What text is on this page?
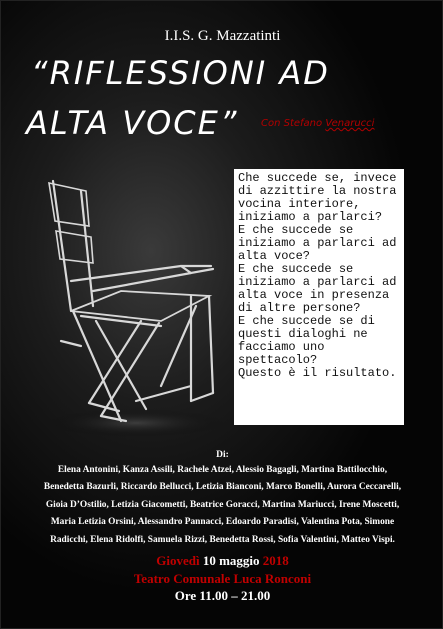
I.I.S. G. Mazzatinti
“RIFLESSIONI AD
ALTA VOCE” Con Stefano Venarucci
Che succede se, invece
di azzittire la nostra
vocina interiore,
iniziamo a parlarci?
E che succede se
iniziamo a parlarci ad
alta voce?
E che succede se
iniziamo a parlarci ad
alta voce in presenza
di altre persone?
E che succede se di
questi dialoghi ne
facciamo uno
spettacolo?
Questo è il risultato.
Di:
Elena Antonini, Kanza Assili, Rachele Atzei, Alessio Bagagli, Martina Battilocchio,
Benedetta Bazurli, Riccardo Bellucci, Letizia Bianconi, Marco Bonelli, Aurora Ceccarelli,
Gioia D’Ostilio, Letizia Giacometti, Beatrice Goracci, Martina Mariucci, Irene Moscetti,
Maria Letizia Orsini, Alessandro Pannacci, Edoardo Paradisi, Valentina Pota, Simone
Radicchi, Elena Ridolfi, Samuela Rizzi, Benedetta Rossi, Sofia Valentini, Matteo Vispi.
Giovedì 10 maggio 2018
Teatro Comunale Luca Ronconi
Ore 11.00 – 21.00
